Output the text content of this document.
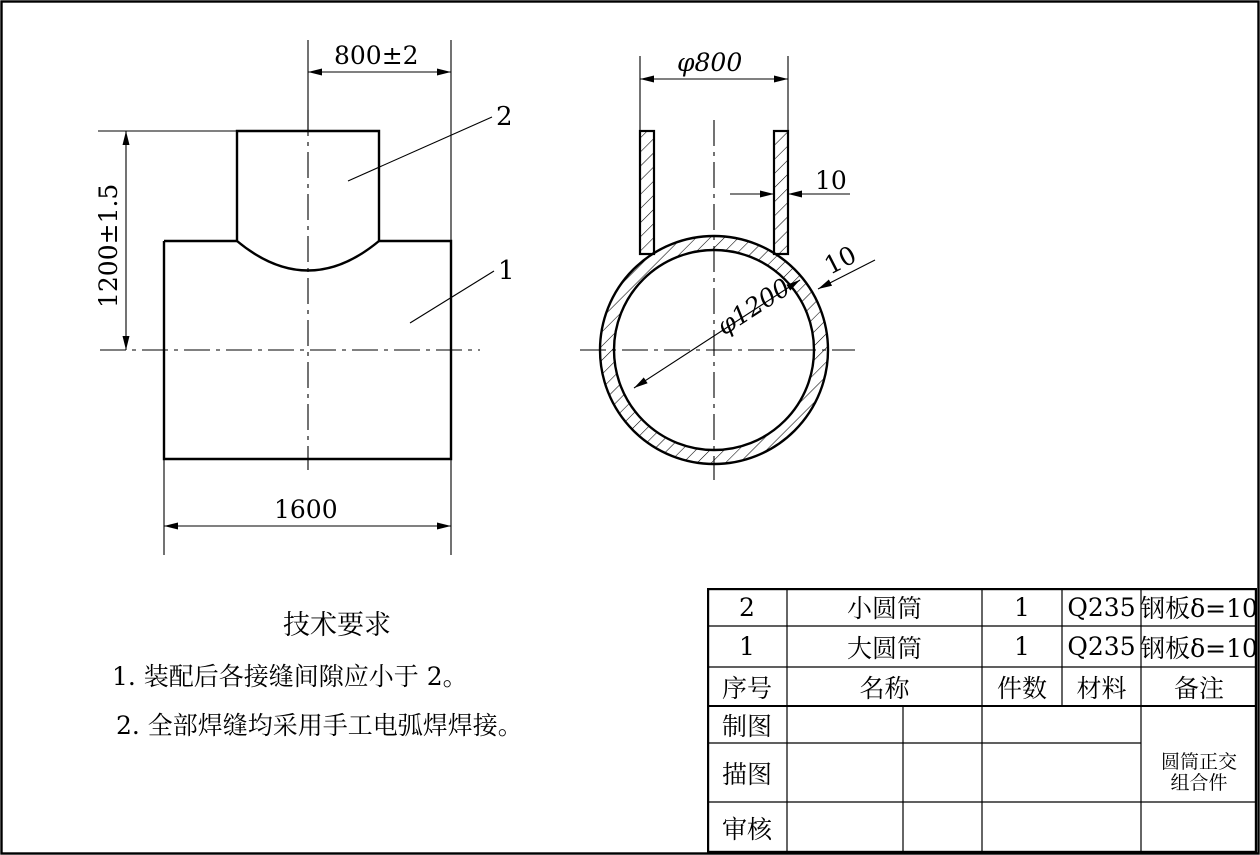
800±2
1200±1.5
1600
2
1
φ800
10
10
φ1200
技术要求
1. 装配后各接缝间隙应小于 2。
2. 全部焊缝均采用手工电弧焊焊接。
2	小圆筒	1	Q235 钢板δ=10
1	大圆筒	1	Q235 钢板δ=10
序号	名称	件数	材料	备注
制图
描图
审核
圆筒正交
组合件
